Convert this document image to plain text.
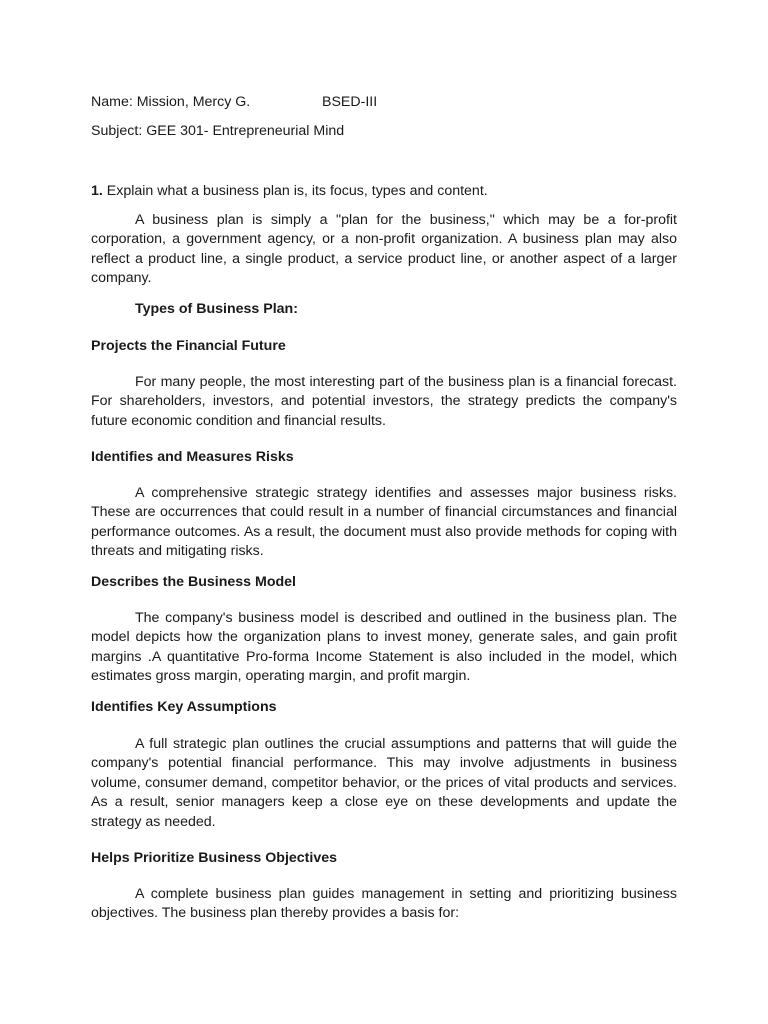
Name: Mission, Mercy G.	BSED-III
Subject: GEE 301- Entrepreneurial Mind
1. Explain what a business plan is, its focus, types and content.

A business plan is simply a "plan for the business," which may be a for-profit corporation, a government agency, or a non-profit organization. A business plan may also reflect a product line, a single product, a service product line, or another aspect of a larger company.

Types of Business Plan:
Projects the Financial Future

For many people, the most interesting part of the business plan is a financial forecast. For shareholders, investors, and potential investors, the strategy predicts the company's future economic condition and financial results.

Identifies and Measures Risks

A comprehensive strategic strategy identifies and assesses major business risks. These are occurrences that could result in a number of financial circumstances and financial performance outcomes. As a result, the document must also provide methods for coping with threats and mitigating risks.

Describes the Business Model

The company's business model is described and outlined in the business plan. The model depicts how the organization plans to invest money, generate sales, and gain profit margins .A quantitative Pro-forma Income Statement is also included in the model, which estimates gross margin, operating margin, and profit margin.

Identifies Key Assumptions

A full strategic plan outlines the crucial assumptions and patterns that will guide the company's potential financial performance. This may involve adjustments in business volume, consumer demand, competitor behavior, or the prices of vital products and services. As a result, senior managers keep a close eye on these developments and update the strategy as needed.

Helps Prioritize Business Objectives

A complete business plan guides management in setting and prioritizing business objectives. The business plan thereby provides a basis for:
